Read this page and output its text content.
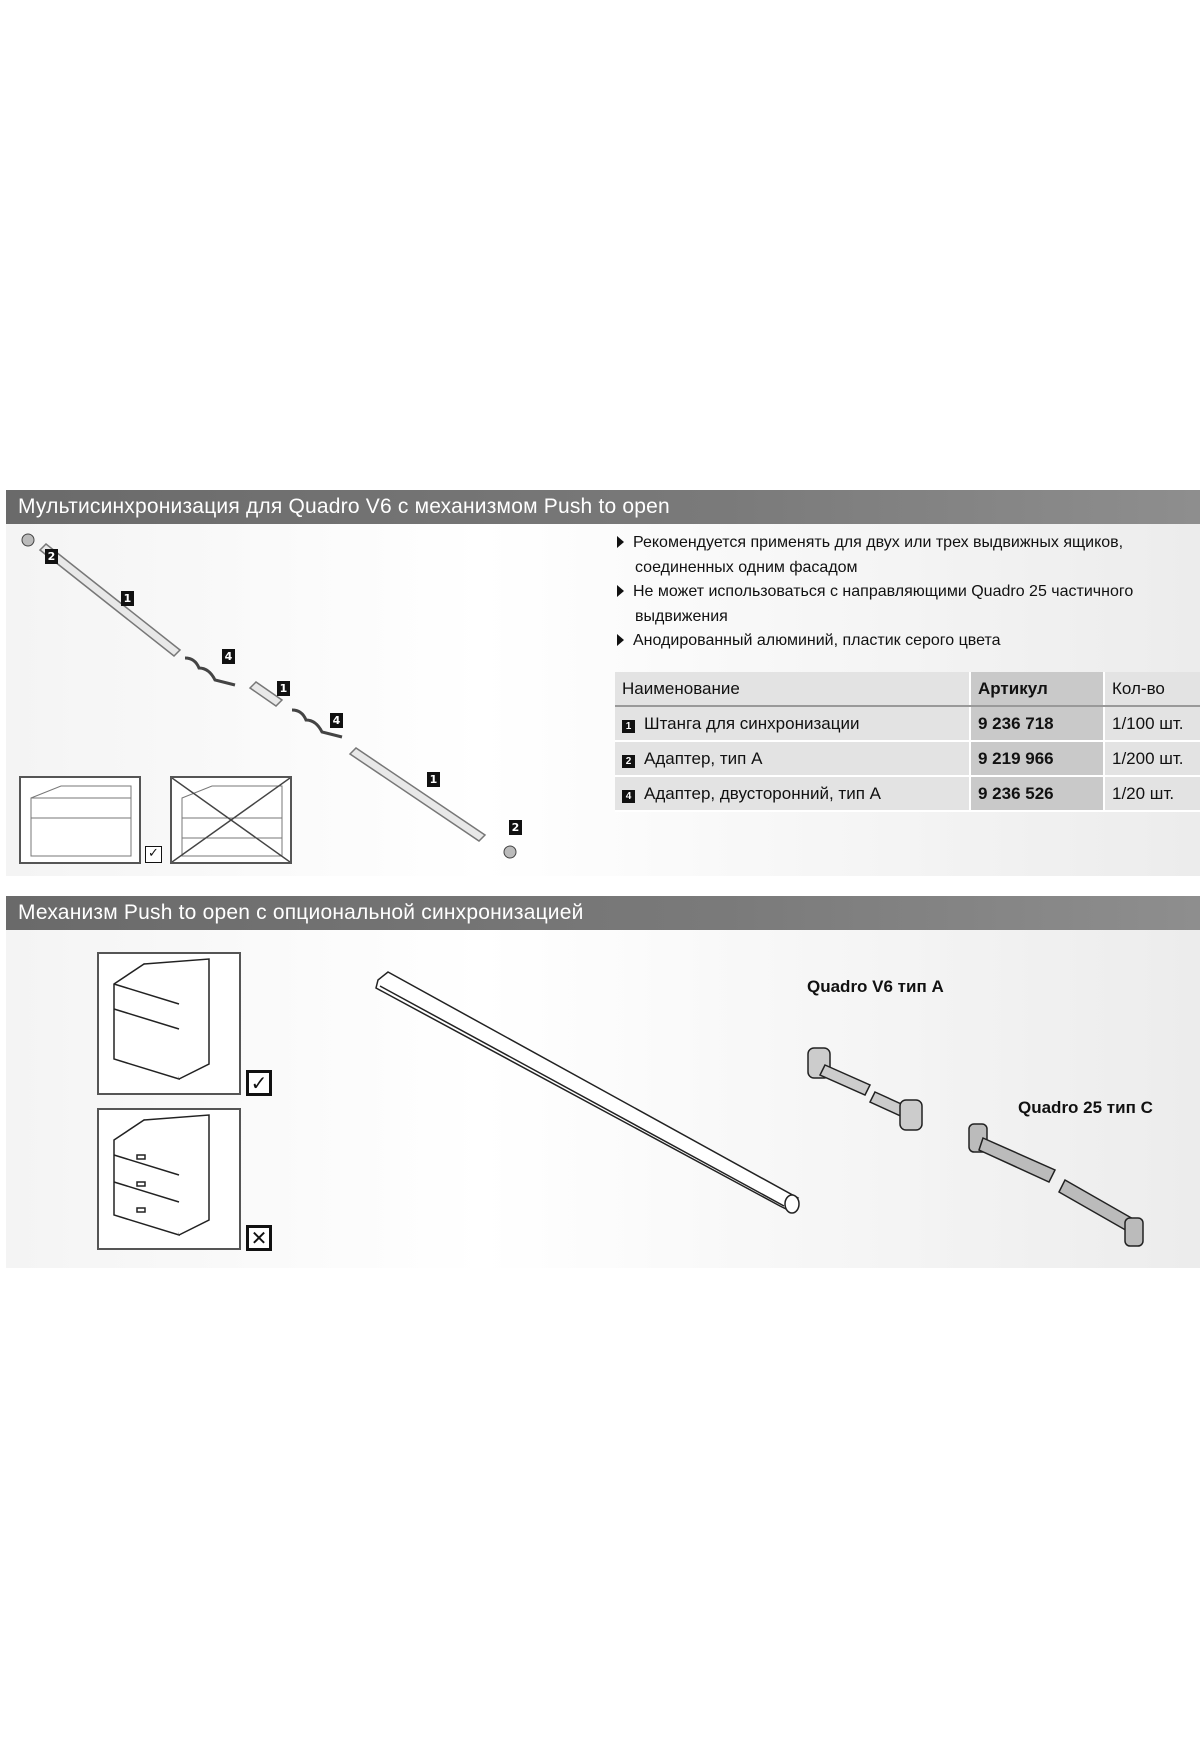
Мультисинхронизация для Quadro V6 с механизмом Push to open
2
1
4
1
4
1
2
✓
Рекомендуется применять для двух или трех выдвижных ящиков,
соединенных одним фасадом
Не может использоваться с направляющими Quadro 25 частичного
выдвижения
Анодированный алюминий, пластик серого цвета
Наименование	Артикул	Кол-во
1 Штанга для синхронизации	9 236 718	1/100 шт.
2 Адаптер, тип A	9 219 966	1/200 шт.
4 Адаптер, двусторонний, тип A	9 236 526	1/20 шт.
Механизм Push to open с опциональной синхронизацией
✓
✕
Quadro V6 тип A
Quadro 25 тип C
